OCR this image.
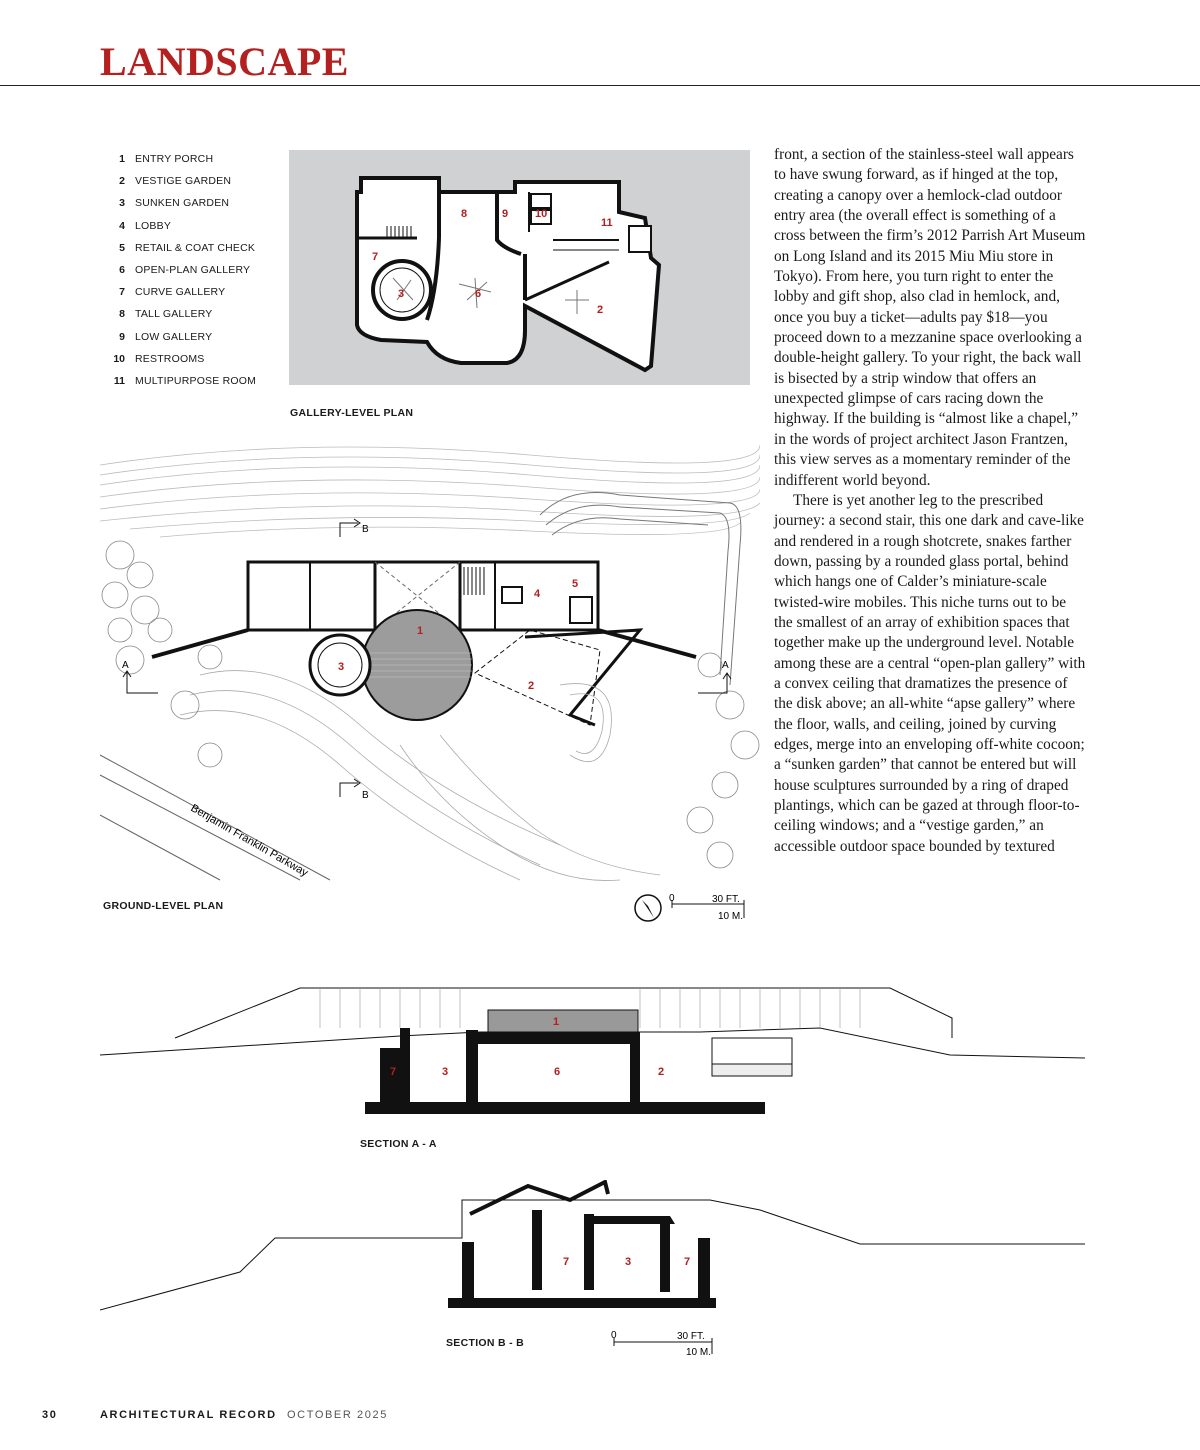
LANDSCAPE
1 ENTRY PORCH
2 VESTIGE GARDEN
3 SUNKEN GARDEN
4 LOBBY
5 RETAIL & COAT CHECK
6 OPEN-PLAN GALLERY
7 CURVE GALLERY
8 TALL GALLERY
9 LOW GALLERY
10 RESTROOMS
11 MULTIPURPOSE ROOM
8	9 10
11
7
3	6
2
GALLERY-LEVEL PLAN
B
B
A	A
Benjamin Franklin Parkway
1
2
3
4
5
GROUND-LEVEL PLAN
0	30 FT.
10 M.

front, a section of the stainless-steel wall appears to have swung forward, as if hinged at the top, creating a canopy over a hemlock-clad outdoor entry area (the overall effect is something of a cross between the firm’s 2012 Parrish Art Museum on Long Island and its 2015 Miu Miu store in Tokyo). From here, you turn right to enter the lobby and gift shop, also clad in hemlock, and, once you buy a ticket—adults pay $18—you proceed down to a mezzanine space overlooking a double-height gallery. To your right, the back wall is bisected by a strip window that offers an unexpected glimpse of cars racing down the highway. If the building is “almost like a chapel,” in the words of project architect Jason Frantzen, this view serves as a momentary reminder of the indifferent world beyond.

There is yet another leg to the prescribed journey: a second stair, this one dark and cave-like and rendered in a rough shotcrete, snakes farther down, passing by a rounded glass portal, behind which hangs one of Calder’s miniature-scale twisted-wire mobiles. This niche turns out to be the smallest of an array of exhibition spaces that together make up the underground level. Notable among these are a central “open-plan gallery” with a convex ceiling that dramatizes the presence of the disk above; an all-white “apse gallery” where the floor, walls, and ceiling, joined by curving edges, merge into an enveloping off-white cocoon; a “sunken garden” that cannot be entered but will house sculptures surrounded by a ring of draped plantings, which can be gazed at through floor-to-ceiling windows; and a “vestige garden,” an accessible outdoor space bounded by textured

1
7	3	6	2
SECTION A - A
7	3	7
SECTION B - B
0	30 FT.
10 M.
30	ARCHITECTURAL RECORD OCTOBER 2025
